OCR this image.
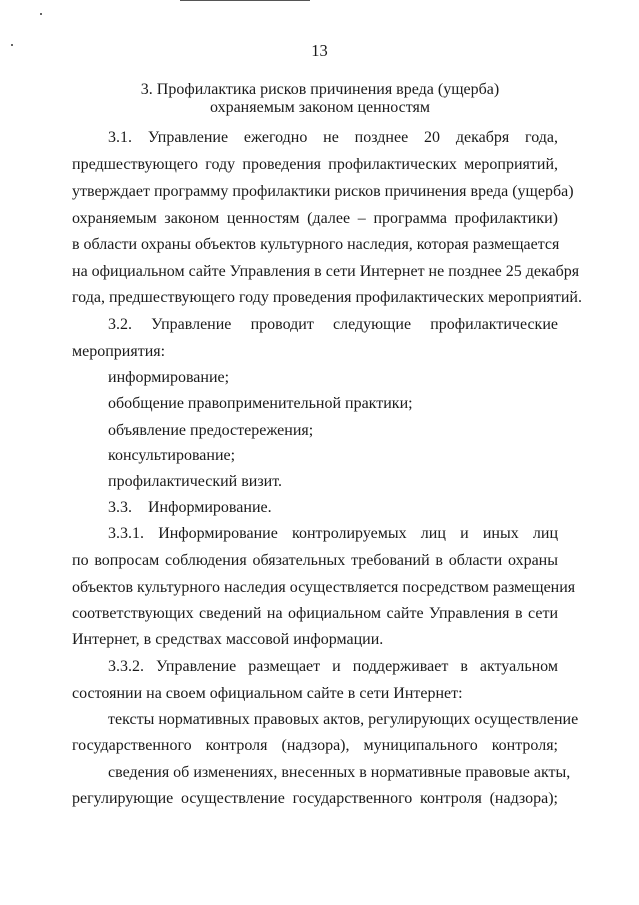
13
3. Профилактика рисков причинения вреда (ущерба)
охраняемым законом ценностям
3.1. Управление ежегодно не позднее 20 декабря года,
предшествующего году проведения профилактических мероприятий,
утверждает программу профилактики рисков причинения вреда (ущерба)
охраняемым законом ценностям (далее – программа профилактики)
в области охраны объектов культурного наследия, которая размещается
на официальном сайте Управления в сети Интернет не позднее 25 декабря
года, предшествующего году проведения профилактических мероприятий.
3.2. Управление проводит следующие профилактические
мероприятия:
информирование;
обобщение правоприменительной практики;
объявление предостережения;
консультирование;
профилактический визит.
3.3.    Информирование.
3.3.1. Информирование контролируемых лиц и иных лиц
по вопросам соблюдения обязательных требований в области охраны
объектов культурного наследия осуществляется посредством размещения
соответствующих сведений на официальном сайте Управления в сети
Интернет, в средствах массовой информации.
3.3.2. Управление размещает и поддерживает в актуальном
состоянии на своем официальном сайте в сети Интернет:
тексты нормативных правовых актов, регулирующих осуществление
государственного контроля (надзора), муниципального контроля;
сведения об изменениях, внесенных в нормативные правовые акты,
регулирующие осуществление государственного контроля (надзора);
